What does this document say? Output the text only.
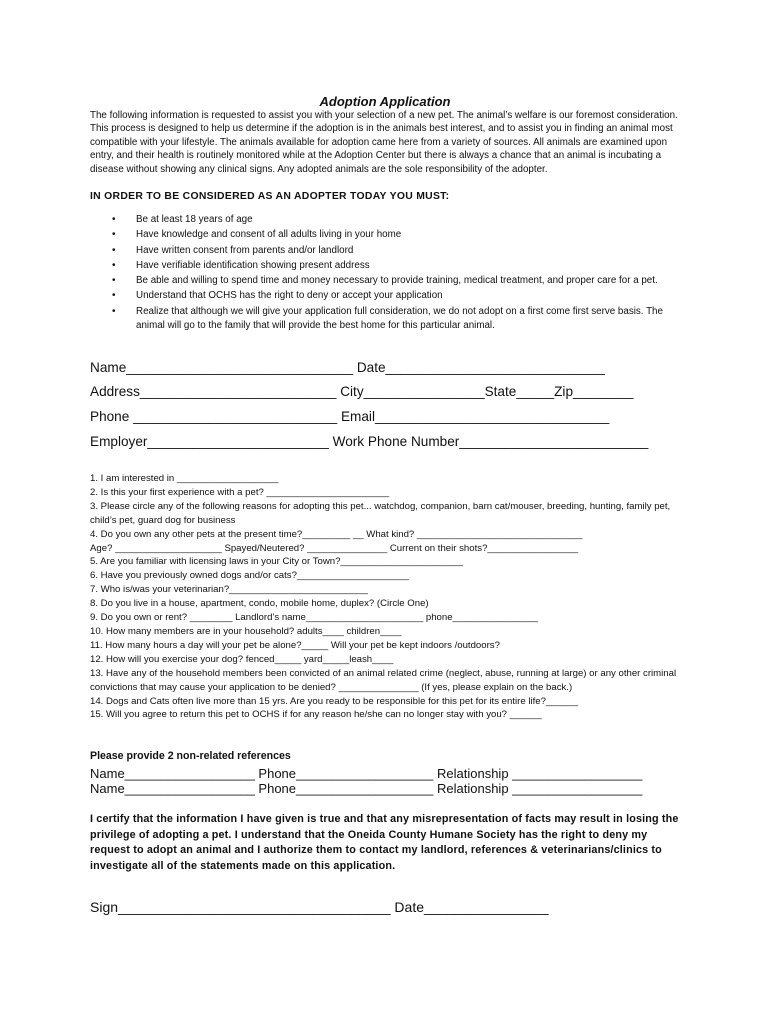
Adoption Application

The following information is requested to assist you with your selection of a new pet. The animal’s welfare is our foremost consideration. This process is designed to help us determine if the adoption is in the animals best interest, and to assist you in finding an animal most compatible with your lifestyle. The animals available for adoption came here from a variety of sources. All animals are examined upon entry, and their health is routinely monitored while at the Adoption Center but there is always a chance that an animal is incubating a disease without showing any clinical signs. Any adopted animals are the sole responsibility of the adopter.

IN ORDER TO BE CONSIDERED AS AN ADOPTER TODAY YOU MUST:
• Be at least 18 years of age
• Have knowledge and consent of all adults living in your home
• Have written consent from parents and/or landlord
• Have verifiable identification showing present address
• Be able and willing to spend time and money necessary to provide training, medical treatment, and proper care for a pet.
• Understand that OCHS has the right to deny or accept your application
• Realize that although we will give your application full consideration, we do not adopt on a first come first serve basis. The animal will go to the family that will provide the best home for this particular animal.
Name______________________________ Date_____________________________
Address__________________________ City________________State_____Zip________
Phone ___________________________ Email_______________________________
Employer________________________ Work Phone Number_________________________
1. I am interested in ___________________
2. Is this your first experience with a pet? _______________________
3. Please circle any of the following reasons for adopting this pet... watchdog, companion, barn cat/mouser, breeding, hunting, family pet, child’s pet, guard dog for business
4. Do you own any other pets at the present time?_________ __ What kind? _______________________________
Age? ____________________ Spayed/Neutered? _______________ Current on their shots?_________________
5. Are you familiar with licensing laws in your City or Town?_______________________
6. Have you previously owned dogs and/or cats?_____________________
7. Who is/was your veterinarian?__________________________
8. Do you live in a house, apartment, condo, mobile home, duplex? (Circle One)
9. Do you own or rent? ________ Landlord’s name______________________ phone________________
10. How many members are in your household? adults____ children____
11. How many hours a day will your pet be alone?_____ Will your pet be kept indoors /outdoors?
12. How will you exercise your dog? fenced_____ yard_____leash____
13. Have any of the household members been convicted of an animal related crime (neglect, abuse, running at large) or any other criminal convictions that may cause your application to be denied? _______________ (If yes, please explain on the back.)
14. Dogs and Cats often live more than 15 yrs. Are you ready to be responsible for this pet for its entire life?______
15. Will you agree to return this pet to OCHS if for any reason he/she can no longer stay with you? ______
Please provide 2 non-related references
Name__________________ Phone___________________ Relationship __________________
Name__________________ Phone___________________ Relationship __________________
I certify that the information I have given is true and that any misrepresentation of facts may result in losing the privilege of adopting a pet. I understand that the Oneida County Humane Society has the right to deny my request to adopt an animal and I authorize them to contact my landlord, references & veterinarians/clinics to investigate all of the statements made on this application.
Sign___________________________________ Date________________
